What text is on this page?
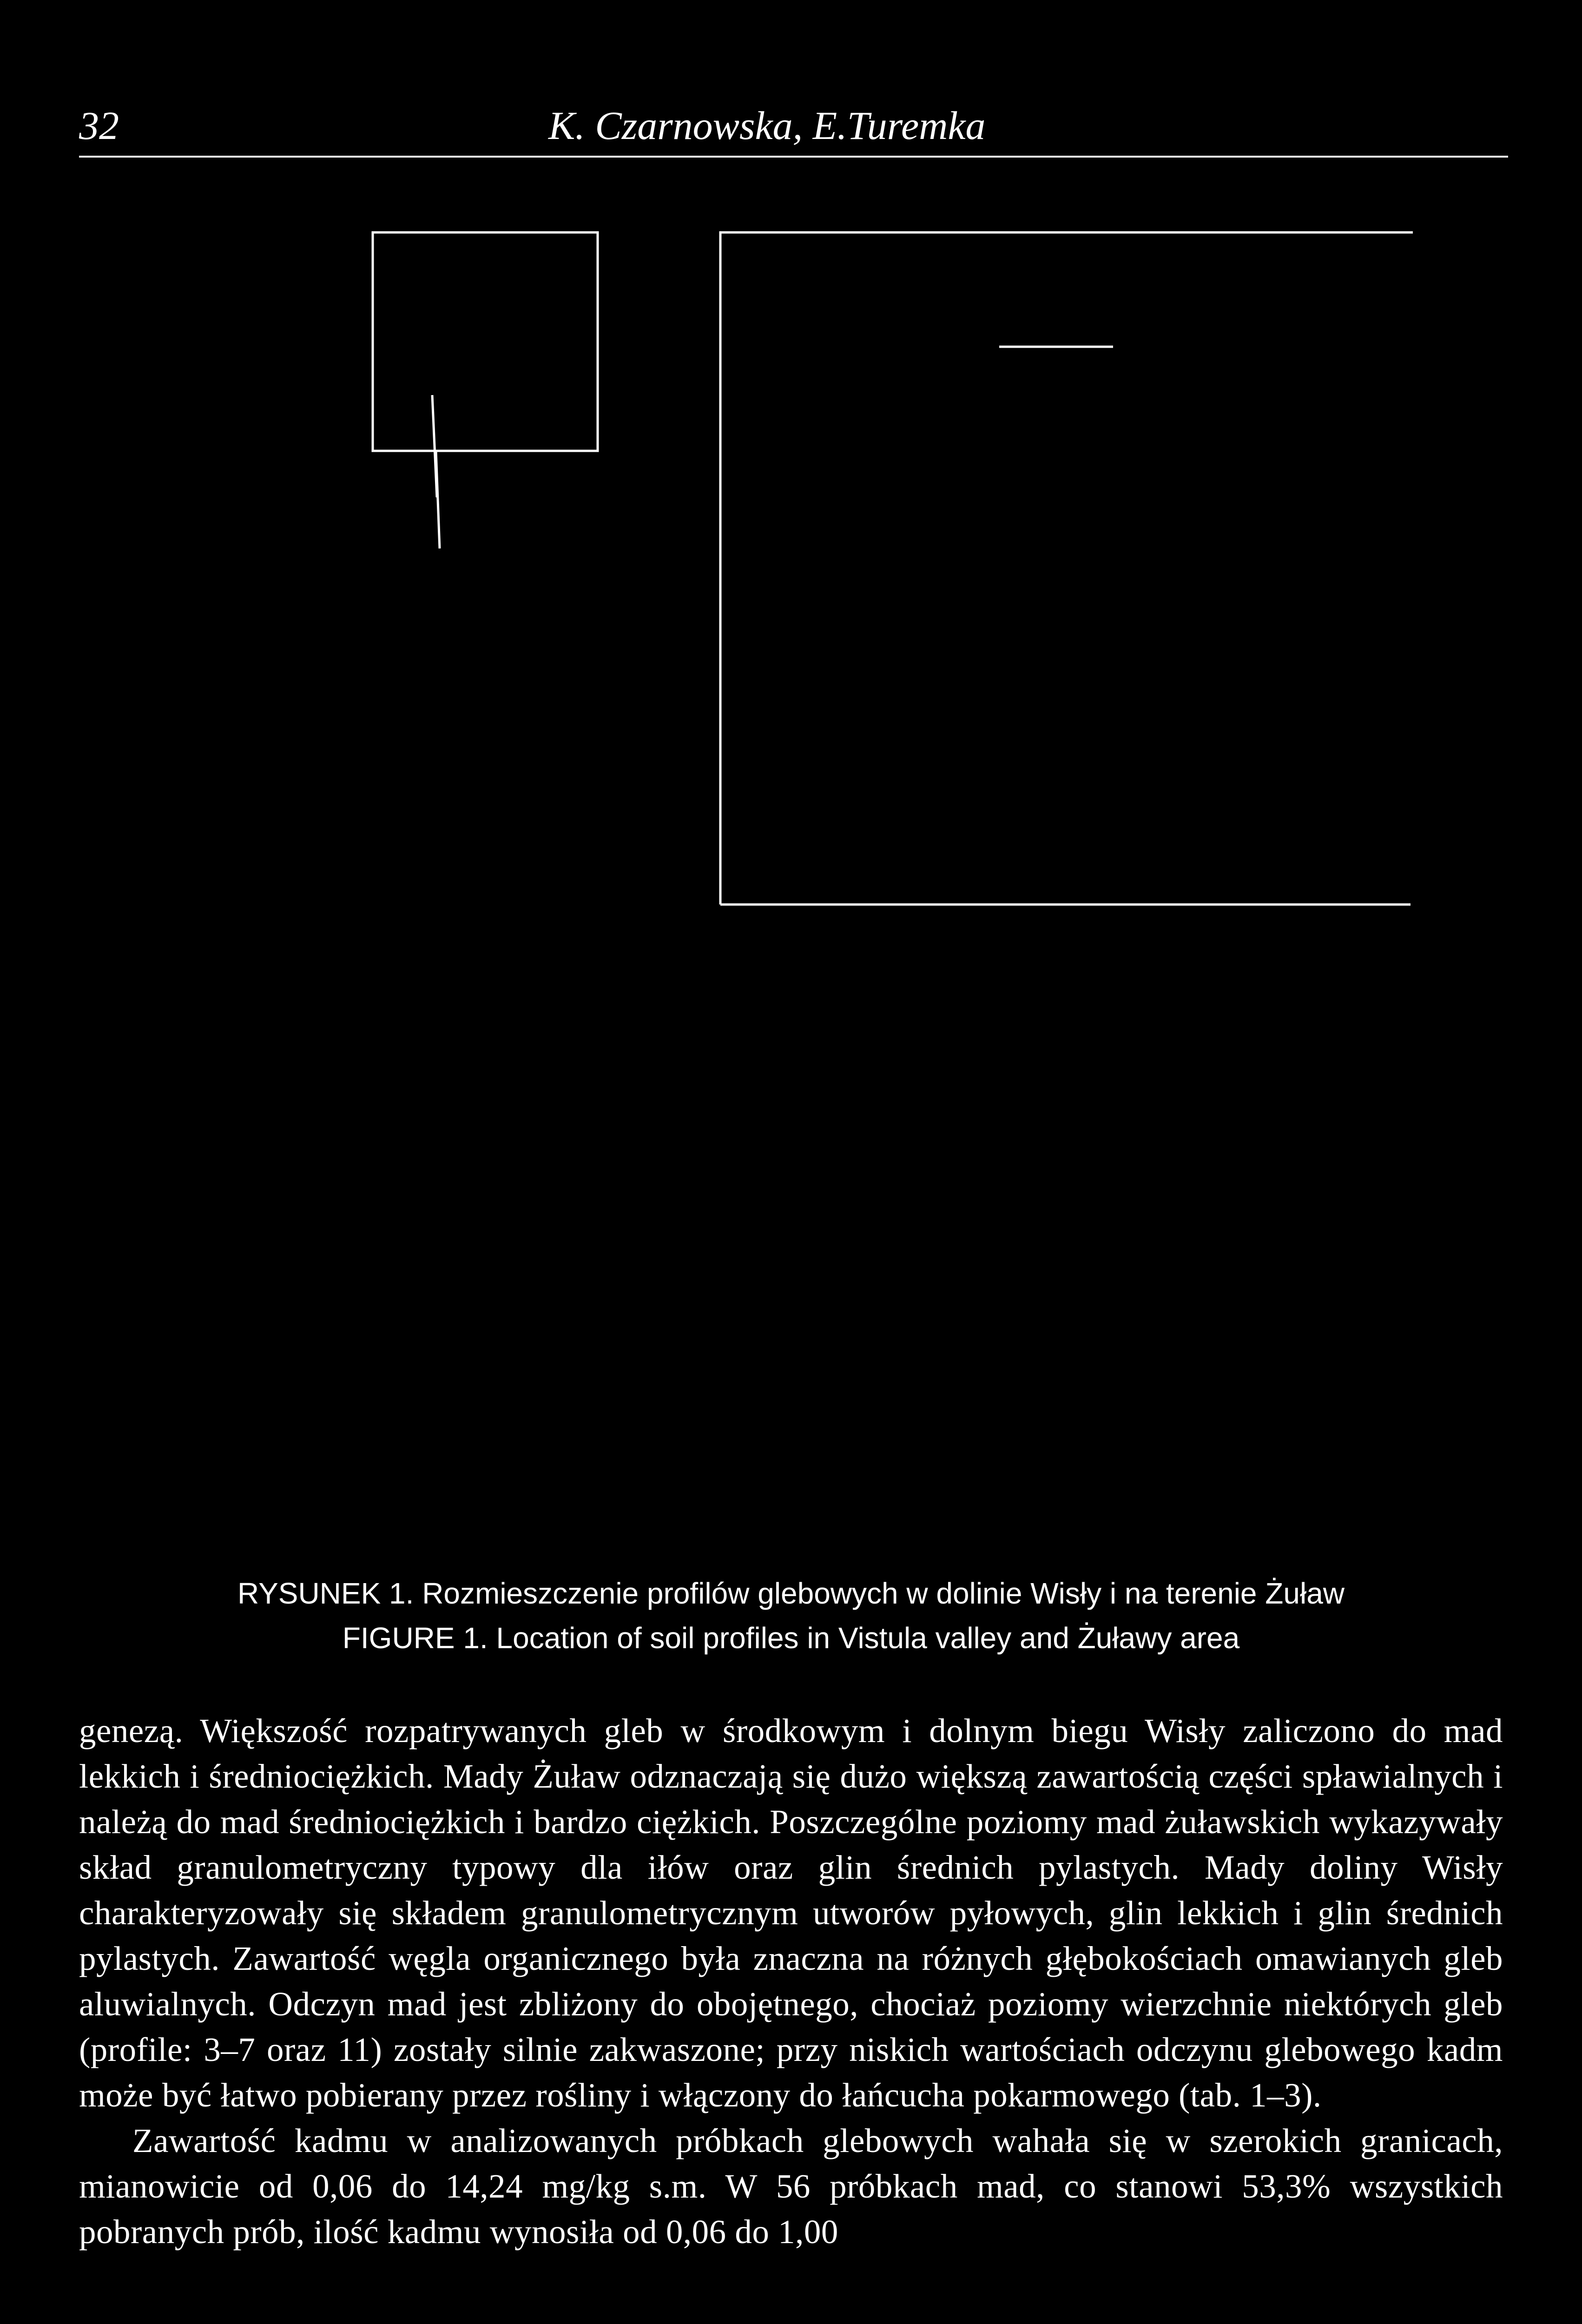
32	K. Czarnowska, E.Turemka
RYSUNEK 1. Rozmieszczenie profilów glebowych w dolinie Wisły i na terenie Żuław
FIGURE 1. Location of soil profiles in Vistula valley and Żuławy area

genezą. Większość rozpatrywanych gleb w środkowym i dolnym biegu Wisły zaliczono do mad lekkich i średniociężkich. Mady Żuław odznaczają się dużo większą zawartością części spławialnych i należą do mad średniociężkich i bardzo ciężkich. Poszczególne poziomy mad żuławskich wykazywały skład granulometryczny typowy dla iłów oraz glin średnich pylastych. Mady doliny Wisły charakteryzowały się składem granulometrycznym utworów pyłowych, glin lekkich i glin średnich pylastych. Zawartość węgla organicznego była znaczna na różnych głębokościach omawianych gleb aluwialnych. Odczyn mad jest zbliżony do obojętnego, chociaż poziomy wierzchnie niektórych gleb (profile: 3–7 oraz 11) zostały silnie zakwaszone; przy niskich wartościach odczynu glebowego kadm może być łatwo pobierany przez rośliny i włączony do łańcucha pokarmowego (tab. 1–3).

Zawartość kadmu w analizowanych próbkach glebowych wahała się w szerokich granicach, mianowicie od 0,06 do 14,24 mg/kg s.m. W 56 próbkach mad, co stanowi 53,3% wszystkich pobranych prób, ilość kadmu wynosiła od 0,06 do 1,00
